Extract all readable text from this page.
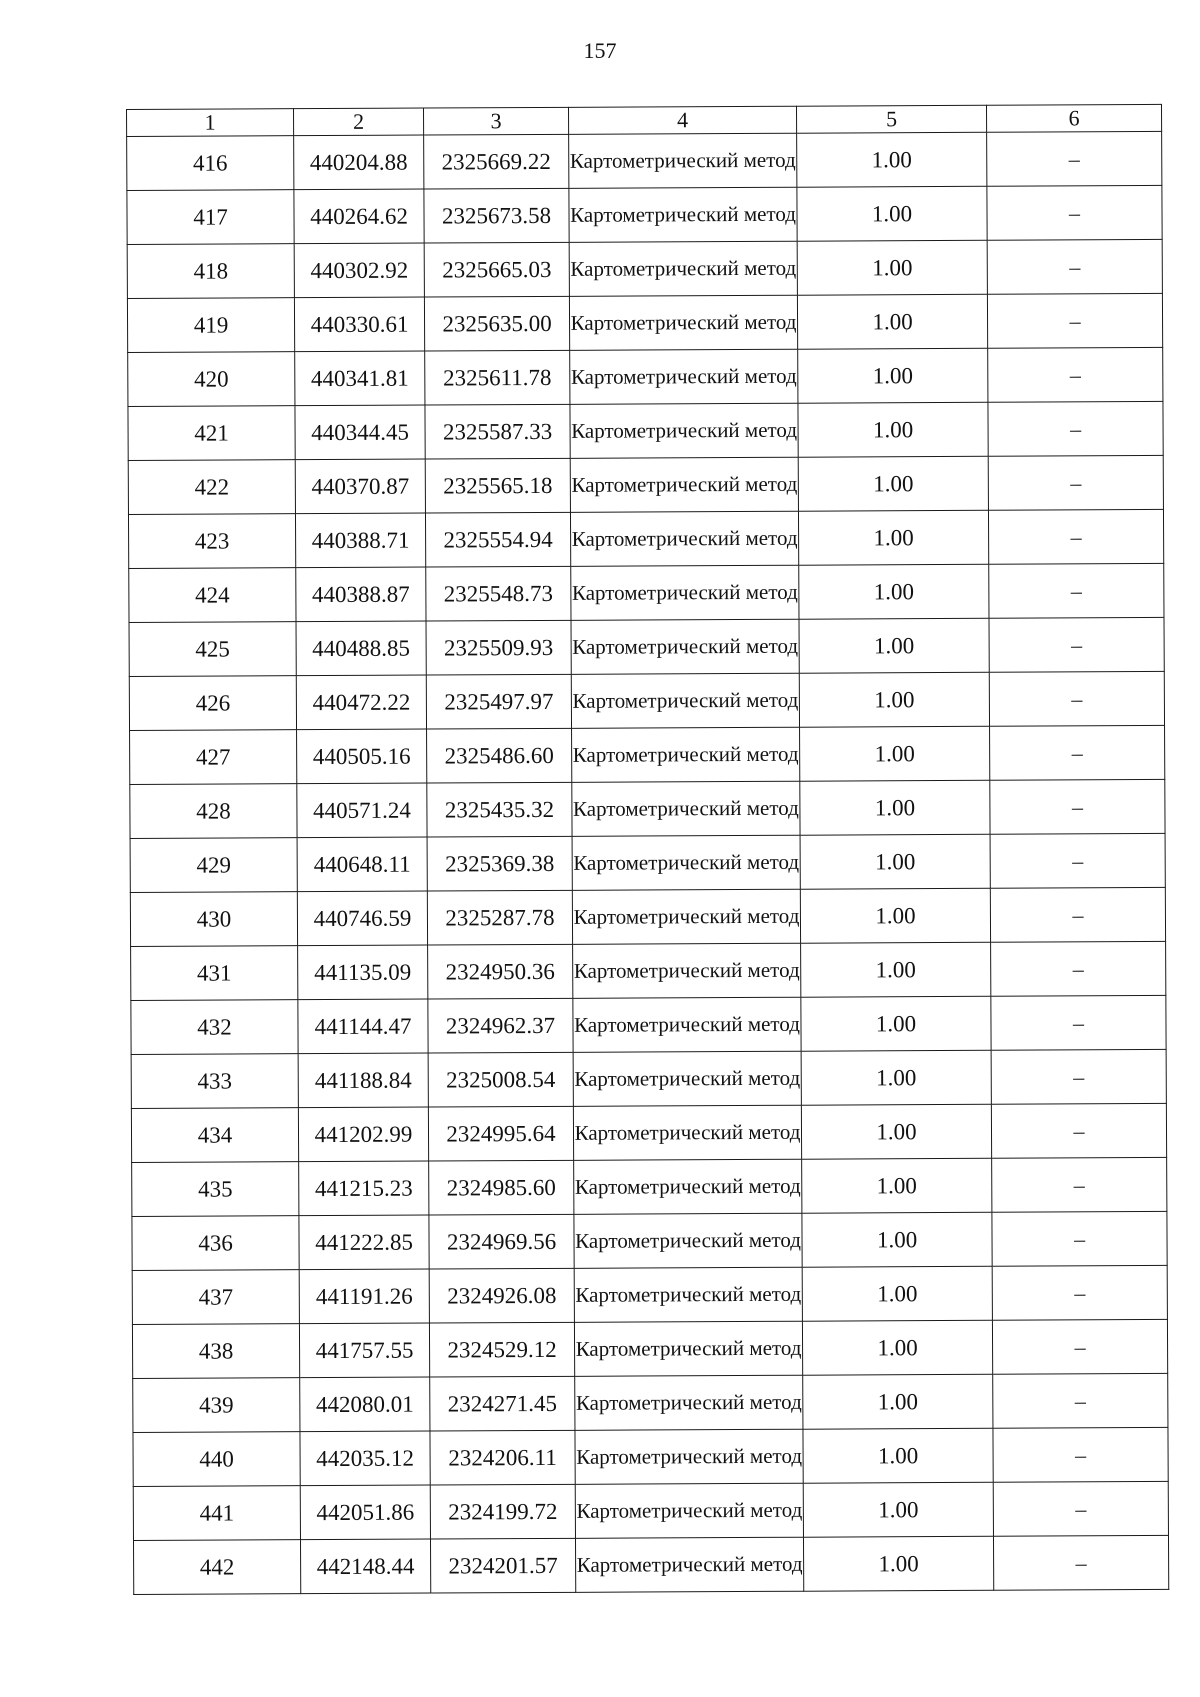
157
1	2	3	4	5	6
416	440204.88	2325669.22	Картометрический метод	1.00	–
417	440264.62	2325673.58	Картометрический метод	1.00	–
418	440302.92	2325665.03	Картометрический метод	1.00	–
419	440330.61	2325635.00	Картометрический метод	1.00	–
420	440341.81	2325611.78	Картометрический метод	1.00	–
421	440344.45	2325587.33	Картометрический метод	1.00	–
422	440370.87	2325565.18	Картометрический метод	1.00	–
423	440388.71	2325554.94	Картометрический метод	1.00	–
424	440388.87	2325548.73	Картометрический метод	1.00	–
425	440488.85	2325509.93	Картометрический метод	1.00	–
426	440472.22	2325497.97	Картометрический метод	1.00	–
427	440505.16	2325486.60	Картометрический метод	1.00	–
428	440571.24	2325435.32	Картометрический метод	1.00	–
429	440648.11	2325369.38	Картометрический метод	1.00	–
430	440746.59	2325287.78	Картометрический метод	1.00	–
431	441135.09	2324950.36	Картометрический метод	1.00	–
432	441144.47	2324962.37	Картометрический метод	1.00	–
433	441188.84	2325008.54	Картометрический метод	1.00	–
434	441202.99	2324995.64	Картометрический метод	1.00	–
435	441215.23	2324985.60	Картометрический метод	1.00	–
436	441222.85	2324969.56	Картометрический метод	1.00	–
437	441191.26	2324926.08	Картометрический метод	1.00	–
438	441757.55	2324529.12	Картометрический метод	1.00	–
439	442080.01	2324271.45	Картометрический метод	1.00	–
440	442035.12	2324206.11	Картометрический метод	1.00	–
441	442051.86	2324199.72	Картометрический метод	1.00	–
442	442148.44	2324201.57	Картометрический метод	1.00	–
